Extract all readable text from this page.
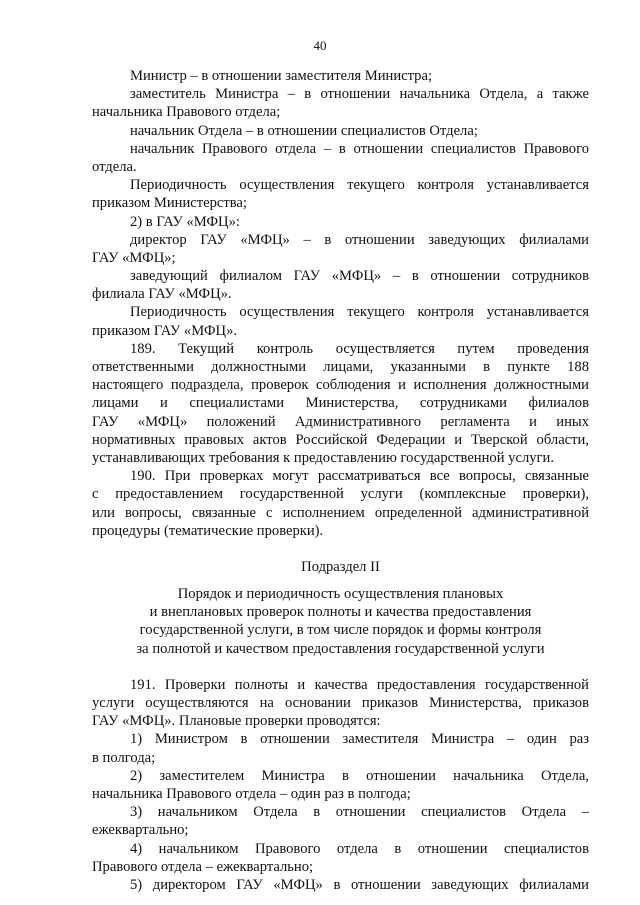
40
Министр – в отношении заместителя Министра;
заместитель Министра – в отношении начальника Отдела, а также
начальника Правового отдела;
начальник Отдела – в отношении специалистов Отдела;
начальник Правового отдела – в отношении специалистов Правового
отдела.
Периодичность осуществления текущего контроля устанавливается
приказом Министерства;
2) в ГАУ «МФЦ»:
директор ГАУ «МФЦ» – в отношении заведующих филиалами
ГАУ «МФЦ»;
заведующий филиалом ГАУ «МФЦ» – в отношении сотрудников
филиала ГАУ «МФЦ».
Периодичность осуществления текущего контроля устанавливается
приказом ГАУ «МФЦ».
189. Текущий контроль осуществляется путем проведения
ответственными должностными лицами, указанными в пункте 188
настоящего подраздела, проверок соблюдения и исполнения должностными
лицами и специалистами Министерства, сотрудниками филиалов
ГАУ «МФЦ» положений Административного регламента и иных
нормативных правовых актов Российской Федерации и Тверской области,
устанавливающих требования к предоставлению государственной услуги.
190. При проверках могут рассматриваться все вопросы, связанные
с предоставлением государственной услуги (комплексные проверки),
или вопросы, связанные с исполнением определенной административной
процедуры (тематические проверки).
Подраздел II
Порядок и периодичность осуществления плановых
и внеплановых проверок полноты и качества предоставления
государственной услуги, в том числе порядок и формы контроля
за полнотой и качеством предоставления государственной услуги
191. Проверки полноты и качества предоставления государственной
услуги осуществляются на основании приказов Министерства, приказов
ГАУ «МФЦ». Плановые проверки проводятся:
1) Министром в отношении заместителя Министра – один раз
в полгода;
2) заместителем Министра в отношении начальника Отдела,
начальника Правового отдела – один раз в полгода;
3) начальником Отдела в отношении специалистов Отдела –
ежеквартально;
4) начальником Правового отдела в отношении специалистов
Правового отдела – ежеквартально;
5) директором ГАУ «МФЦ» в отношении заведующих филиалами
